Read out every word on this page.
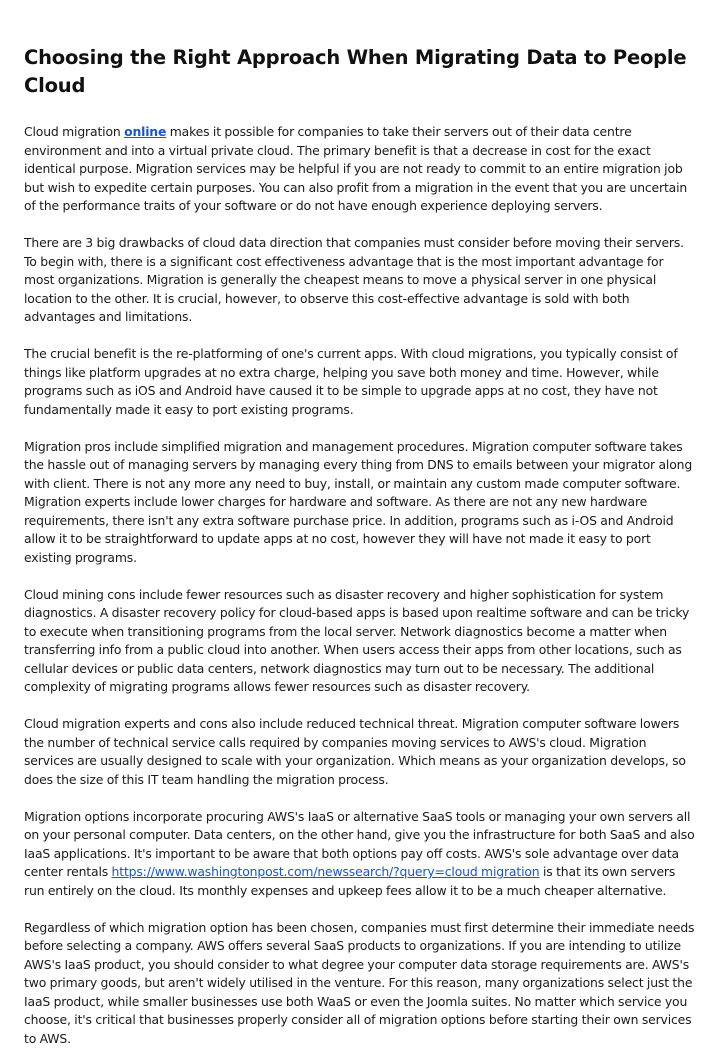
Choosing the Right Approach When Migrating Data to People Cloud

Cloud migration online makes it possible for companies to take their servers out of their data centre environment and into a virtual private cloud. The primary benefit is that a decrease in cost for the exact identical purpose. Migration services may be helpful if you are not ready to commit to an entire migration job but wish to expedite certain purposes. You can also profit from a migration in the event that you are uncertain of the performance traits of your software or do not have enough experience deploying servers.

There are 3 big drawbacks of cloud data direction that companies must consider before moving their servers. To begin with, there is a significant cost effectiveness advantage that is the most important advantage for most organizations. Migration is generally the cheapest means to move a physical server in one physical location to the other. It is crucial, however, to observe this cost-effective advantage is sold with both advantages and limitations.

The crucial benefit is the re-platforming of one's current apps. With cloud migrations, you typically consist of things like platform upgrades at no extra charge, helping you save both money and time. However, while programs such as iOS and Android have caused it to be simple to upgrade apps at no cost, they have not fundamentally made it easy to port existing programs.

Migration pros include simplified migration and management procedures. Migration computer software takes the hassle out of managing servers by managing every thing from DNS to emails between your migrator along with client. There is not any more any need to buy, install, or maintain any custom made computer software. Migration experts include lower charges for hardware and software. As there are not any new hardware requirements, there isn't any extra software purchase price. In addition, programs such as i-OS and Android allow it to be straightforward to update apps at no cost, however they will have not made it easy to port existing programs.

Cloud mining cons include fewer resources such as disaster recovery and higher sophistication for system diagnostics. A disaster recovery policy for cloud-based apps is based upon realtime software and can be tricky to execute when transitioning programs from the local server. Network diagnostics become a matter when transferring info from a public cloud into another. When users access their apps from other locations, such as cellular devices or public data centers, network diagnostics may turn out to be necessary. The additional complexity of migrating programs allows fewer resources such as disaster recovery.

Cloud migration experts and cons also include reduced technical threat. Migration computer software lowers the number of technical service calls required by companies moving services to AWS's cloud. Migration services are usually designed to scale with your organization. Which means as your organization develops, so does the size of this IT team handling the migration process.

Migration options incorporate procuring AWS's IaaS or alternative SaaS tools or managing your own servers all on your personal computer. Data centers, on the other hand, give you the infrastructure for both SaaS and also IaaS applications. It's important to be aware that both options pay off costs. AWS's sole advantage over data center rentals https://www.washingtonpost.com/newssearch/?query=cloud migration is that its own servers run entirely on the cloud. Its monthly expenses and upkeep fees allow it to be a much cheaper alternative.

Regardless of which migration option has been chosen, companies must first determine their immediate needs before selecting a company. AWS offers several SaaS products to organizations. If you are intending to utilize AWS's IaaS product, you should consider to what degree your computer data storage requirements are. AWS's two primary goods, but aren't widely utilised in the venture. For this reason, many organizations select just the IaaS product, while smaller businesses use both WaaS or even the Joomla suites. No matter which service you choose, it's critical that businesses properly consider all of migration options before starting their own services to AWS.
